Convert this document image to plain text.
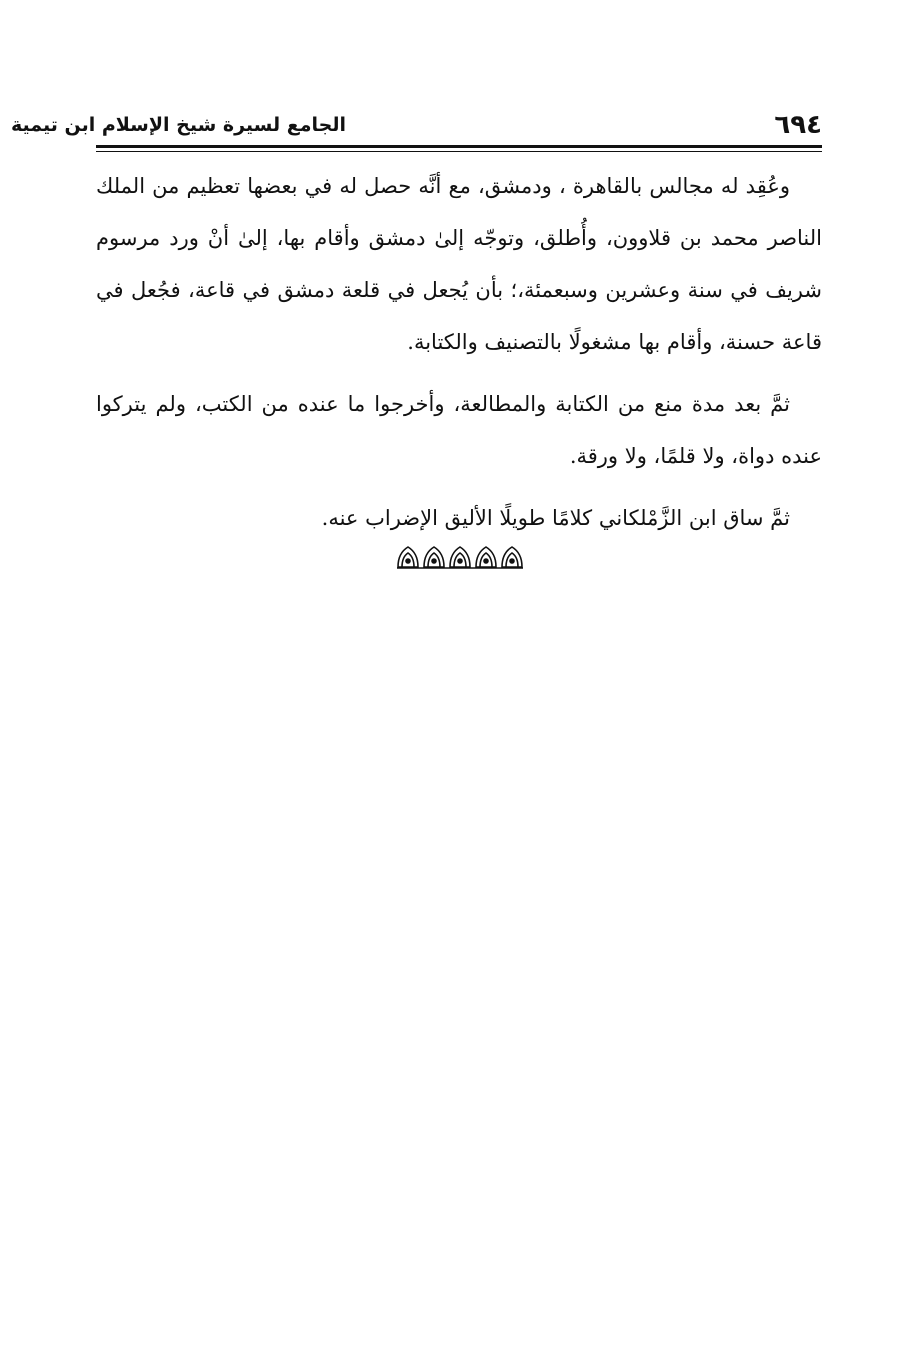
الجامع لسيرة شيخ الإسلام ابن تيمية	٦٩٤

وعُقِد له مجالس بالقاهرة ، ودمشق، مع أنَّه حصل له في بعضها تعظيم من الملك الناصر محمد بن قلاوون، وأُطلق، وتوجّه إلىٰ دمشق وأقام بها، إلىٰ أنْ ورد مرسوم شريف في سنة وعشرين وسبعمئة،؛ بأن يُجعل في قلعة دمشق في قاعة، فجُعل في قاعة حسنة، وأقام بها مشغولًا بالتصنيف والكتابة.

ثمَّ بعد مدة منع من الكتابة والمطالعة، وأخرجوا ما عنده من الكتب، ولم يتركوا عنده دواة، ولا قلمًا، ولا ورقة.

ثمَّ ساق ابن الزَّمْلكاني كلامًا طويلًا الأليق الإضراب عنه.
